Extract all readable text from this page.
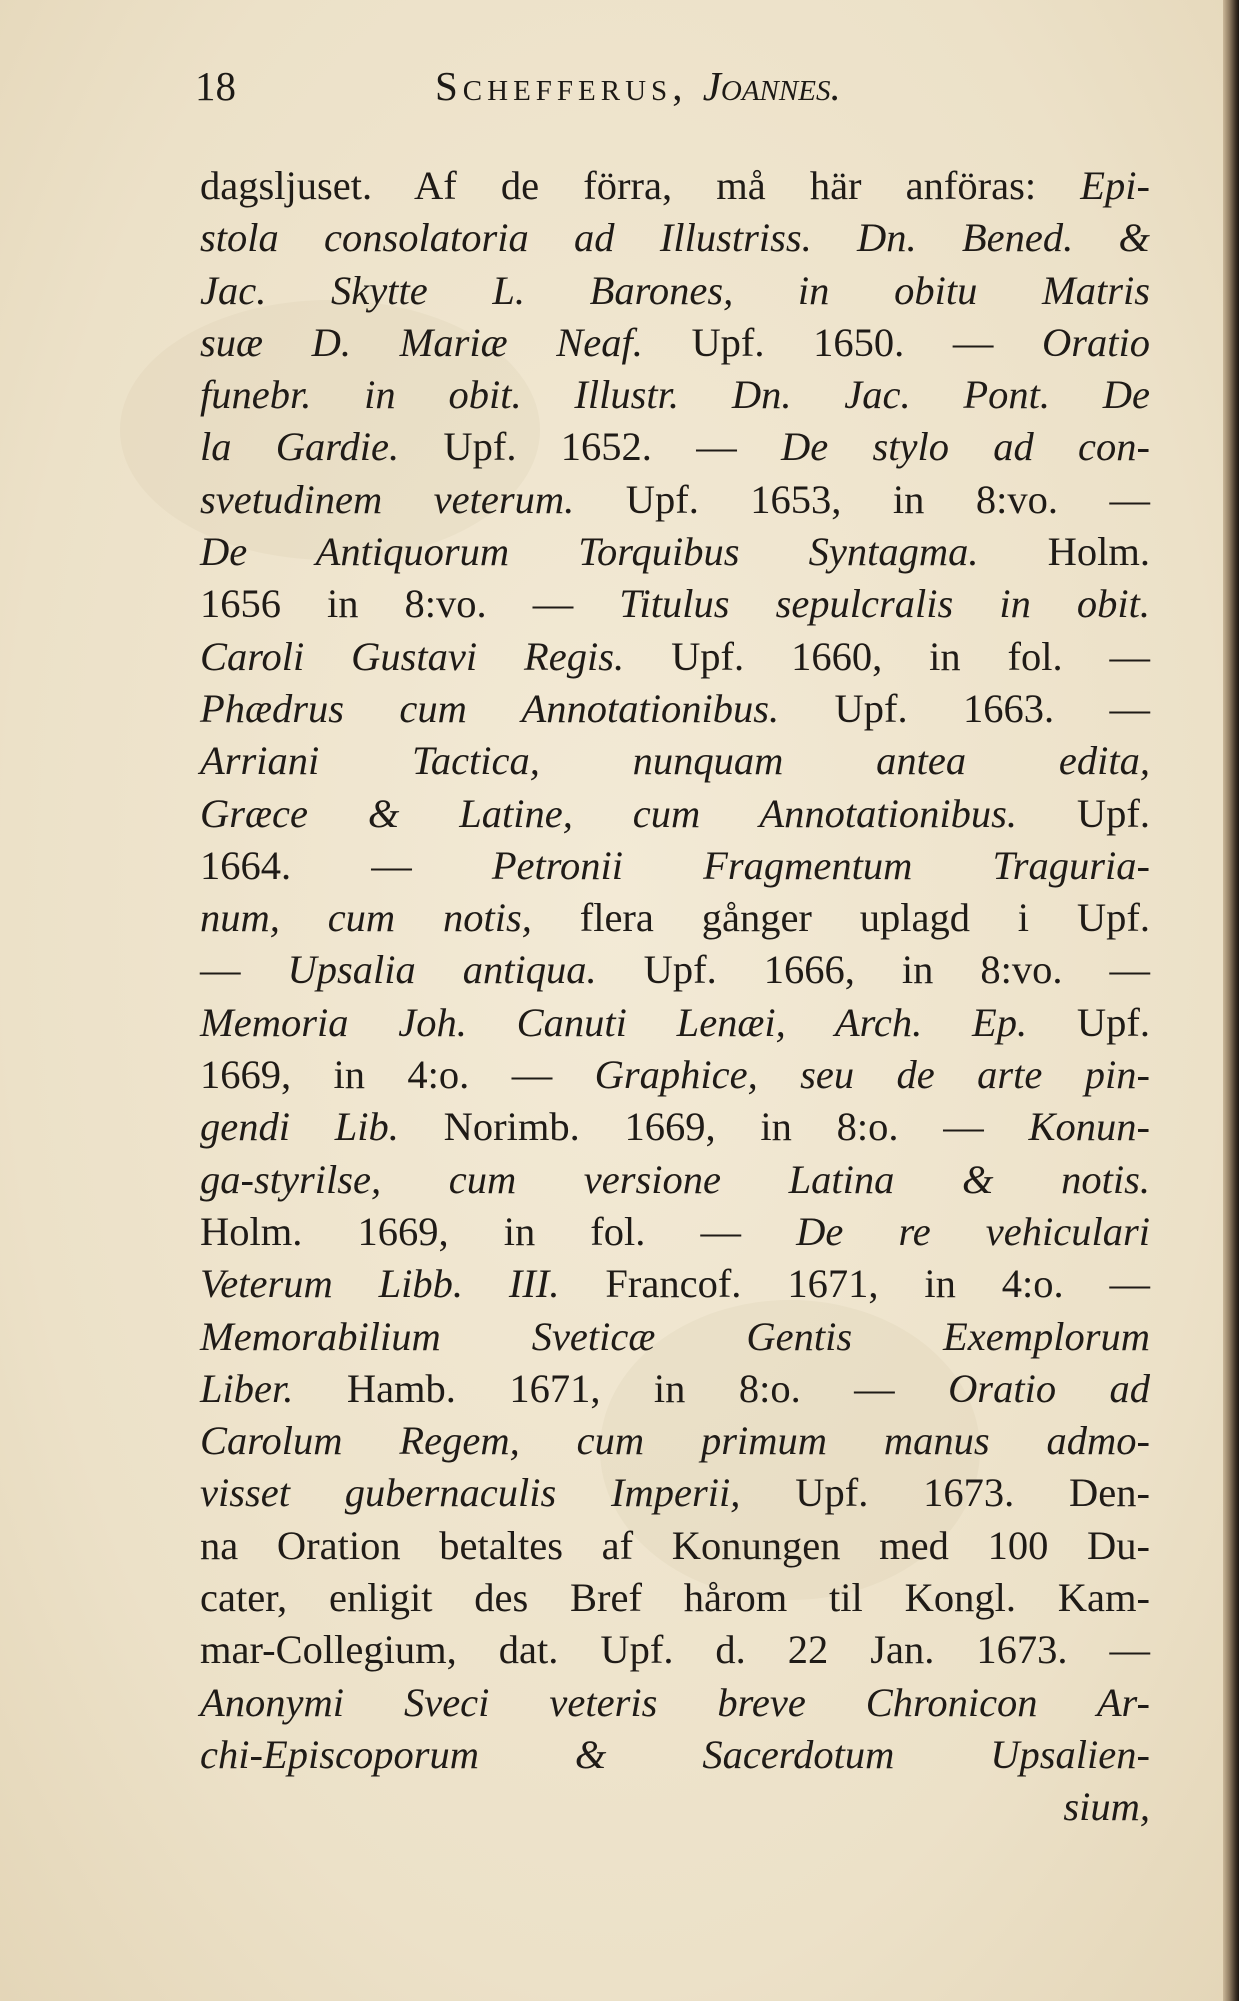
18	Schefferus, Joannes.
dagsljuset. Af de förra, må här anföras: Epi-
stola consolatoria ad Illustriss. Dn. Bened. &
Jac. Skytte L. Barones, in obitu Matris
suæ D. Mariæ Neaf. Upf. 1650. — Oratio
funebr. in obit. Illustr. Dn. Jac. Pont. De
la Gardie. Upf. 1652. — De stylo ad con-
svetudinem veterum. Upf. 1653, in 8:vo. —
De Antiquorum Torquibus Syntagma. Holm.
1656 in 8:vo. — Titulus sepulcralis in obit.
Caroli Gustavi Regis. Upf. 1660, in fol. —
Phædrus cum Annotationibus. Upf. 1663. —
Arriani Tactica, nunquam antea edita,
Græce & Latine, cum Annotationibus. Upf.
1664. — Petronii Fragmentum Traguria-
num, cum notis, flera gånger uplagd i Upf.
— Upsalia antiqua. Upf. 1666, in 8:vo. —
Memoria Joh. Canuti Lenæi, Arch. Ep. Upf.
1669, in 4:o. — Graphice, seu de arte pin-
gendi Lib. Norimb. 1669, in 8:o. — Konun-
ga-styrilse, cum versione Latina & notis.
Holm. 1669, in fol. — De re vehiculari
Veterum Libb. III. Francof. 1671, in 4:o. —
Memorabilium Sveticæ Gentis Exemplorum
Liber. Hamb. 1671, in 8:o. — Oratio ad
Carolum Regem, cum primum manus admo-
visset gubernaculis Imperii, Upf. 1673. Den-
na Oration betaltes af Konungen med 100 Du-
cater, enligit des Bref hårom til Kongl. Kam-
mar-Collegium, dat. Upf. d. 22 Jan. 1673. —
Anonymi Sveci veteris breve Chronicon Ar-
chi-Episcoporum & Sacerdotum Upsalien-
sium,
